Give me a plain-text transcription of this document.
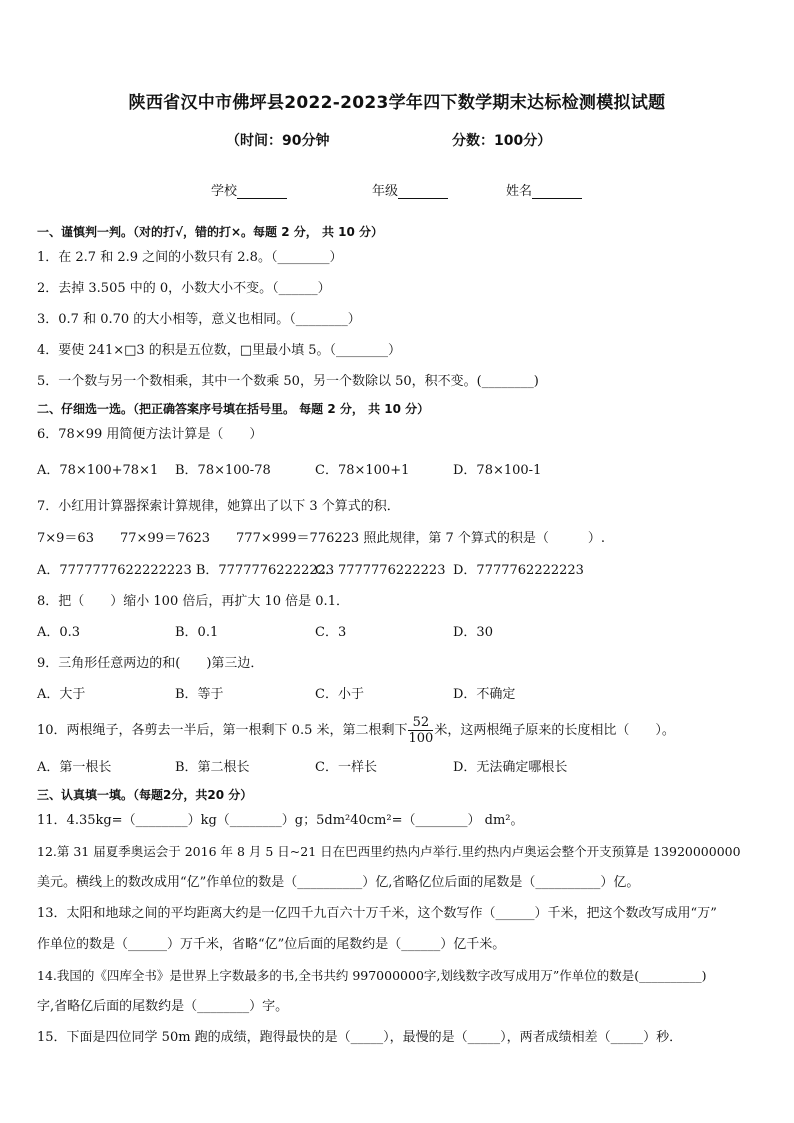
陕西省汉中市佛坪县2022-2023学年四下数学期末达标检测模拟试题
（时间：90分钟	分数：100分）
学校	年级	姓名
一、谨慎判一判。（对的打√，错的打×。每题 2 分， 共 10 分）
1．在 2.7 和 2.9 之间的小数只有 2.8。（________）
2．去掉 3.505 中的 0，小数大小不变。（______）
3．0.7 和 0.70 的大小相等，意义也相同。（________）
4．要使 241×□3 的积是五位数，□里最小填 5。（________）
5．一个数与另一个数相乘，其中一个数乘 50，另一个数除以 50，积不变。(________)
二、仔细选一选。（把正确答案序号填在括号里。 每题 2 分， 共 10 分）
6．78×99 用简便方法计算是（　　）
A．78×100+78×1 B．78×100-78	C．78×100+1	D．78×100-1
7．小红用计算器探索计算规律，她算出了以下 3 个算式的积．
7×9＝63　　77×99＝7623　　777×999＝776223 照此规律，第 7 个算式的积是（　　　）.
A．7777777622222223 B．77777762222223
C．7777776222223 D．7777762222223
8．把（　　）缩小 100 倍后，再扩大 10 倍是 0.1．
A．0.3	B．0.1	C．3	D．30
9．三角形任意两边的和(　　)第三边．
A．大于	B．等于	C．小于	D．不确定
10．两根绳子，各剪去一半后，第一根剩下 0.5 米，第二根剩下 $\frac{52}{100}$ 米，这两根绳子原来的长度相比（　　）。
A．第一根长	B．第二根长	C．一样长	D．无法确定哪根长
三、认真填一填。（每题2分，共20 分）
11．4.35kg=（________）kg（________）g；5dm²40cm²=（________） dm²。
12.第 31 届夏季奥运会于 2016 年 8 月 5 日~21 日在巴西里约热内卢举行.里约热内卢奥运会整个开支预算是 13920000000
美元。横线上的数改成用“亿”作单位的数是（__________）亿,省略亿位后面的尾数是（__________）亿。
13．太阳和地球之间的平均距离大约是一亿四千九百六十万千米，这个数写作（______）千米，把这个数改写成用“万”
作单位的数是（______）万千米，省略“亿”位后面的尾数约是（______）亿千米。
14.我国的《四库全书》是世界上字数最多的书,全书共约 997000000字,划线数字改写成用万”作单位的数是(__________)
字,省略亿后面的尾数约是（________）字。
15．下面是四位同学 50m 跑的成绩，跑得最快的是（_____），最慢的是（_____），两者成绩相差（_____）秒．
